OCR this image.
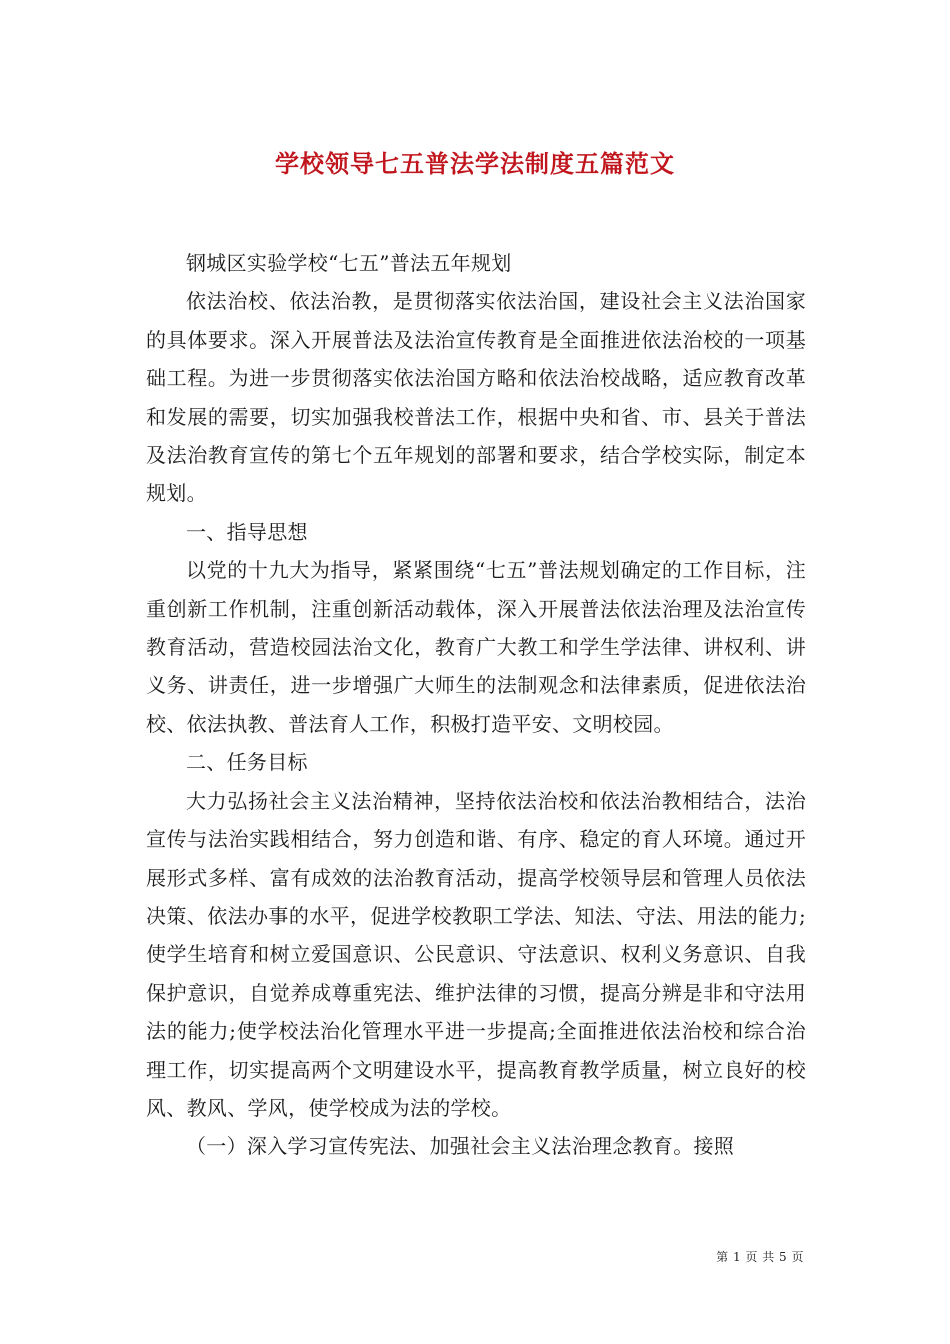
学校领导七五普法学法制度五篇范文

钢城区实验学校“七五”普法五年规划

依法治校、依法治教，是贯彻落实依法治国，建设社会主义法治国家的具体要求。深入开展普法及法治宣传教育是全面推进依法治校的一项基础工程。为进一步贯彻落实依法治国方略和依法治校战略，适应教育改革和发展的需要，切实加强我校普法工作，根据中央和省、市、县关于普法及法治教育宣传的第七个五年规划的部署和要求，结合学校实际，制定本规划。

一、指导思想

以党的十九大为指导，紧紧围绕“七五”普法规划确定的工作目标，注重创新工作机制，注重创新活动载体，深入开展普法依法治理及法治宣传教育活动，营造校园法治文化，教育广大教工和学生学法律、讲权利、讲义务、讲责任，进一步增强广大师生的法制观念和法律素质，促进依法治校、依法执教、普法育人工作，积极打造平安、文明校园。

二、任务目标

大力弘扬社会主义法治精神，坚持依法治校和依法治教相结合，法治宣传与法治实践相结合，努力创造和谐、有序、稳定的育人环境。通过开展形式多样、富有成效的法治教育活动，提高学校领导层和管理人员依法决策、依法办事的水平，促进学校教职工学法、知法、守法、用法的能力;使学生培育和树立爱国意识、公民意识、守法意识、权利义务意识、自我保护意识，自觉养成尊重宪法、维护法律的习惯，提高分辨是非和守法用法的能力;使学校法治化管理水平进一步提高;全面推进依法治校和综合治理工作，切实提高两个文明建设水平，提高教育教学质量，树立良好的校风、教风、学风，使学校成为法的学校。

（一）深入学习宣传宪法、加强社会主义法治理念教育。接照

第 1 页 共 5 页
